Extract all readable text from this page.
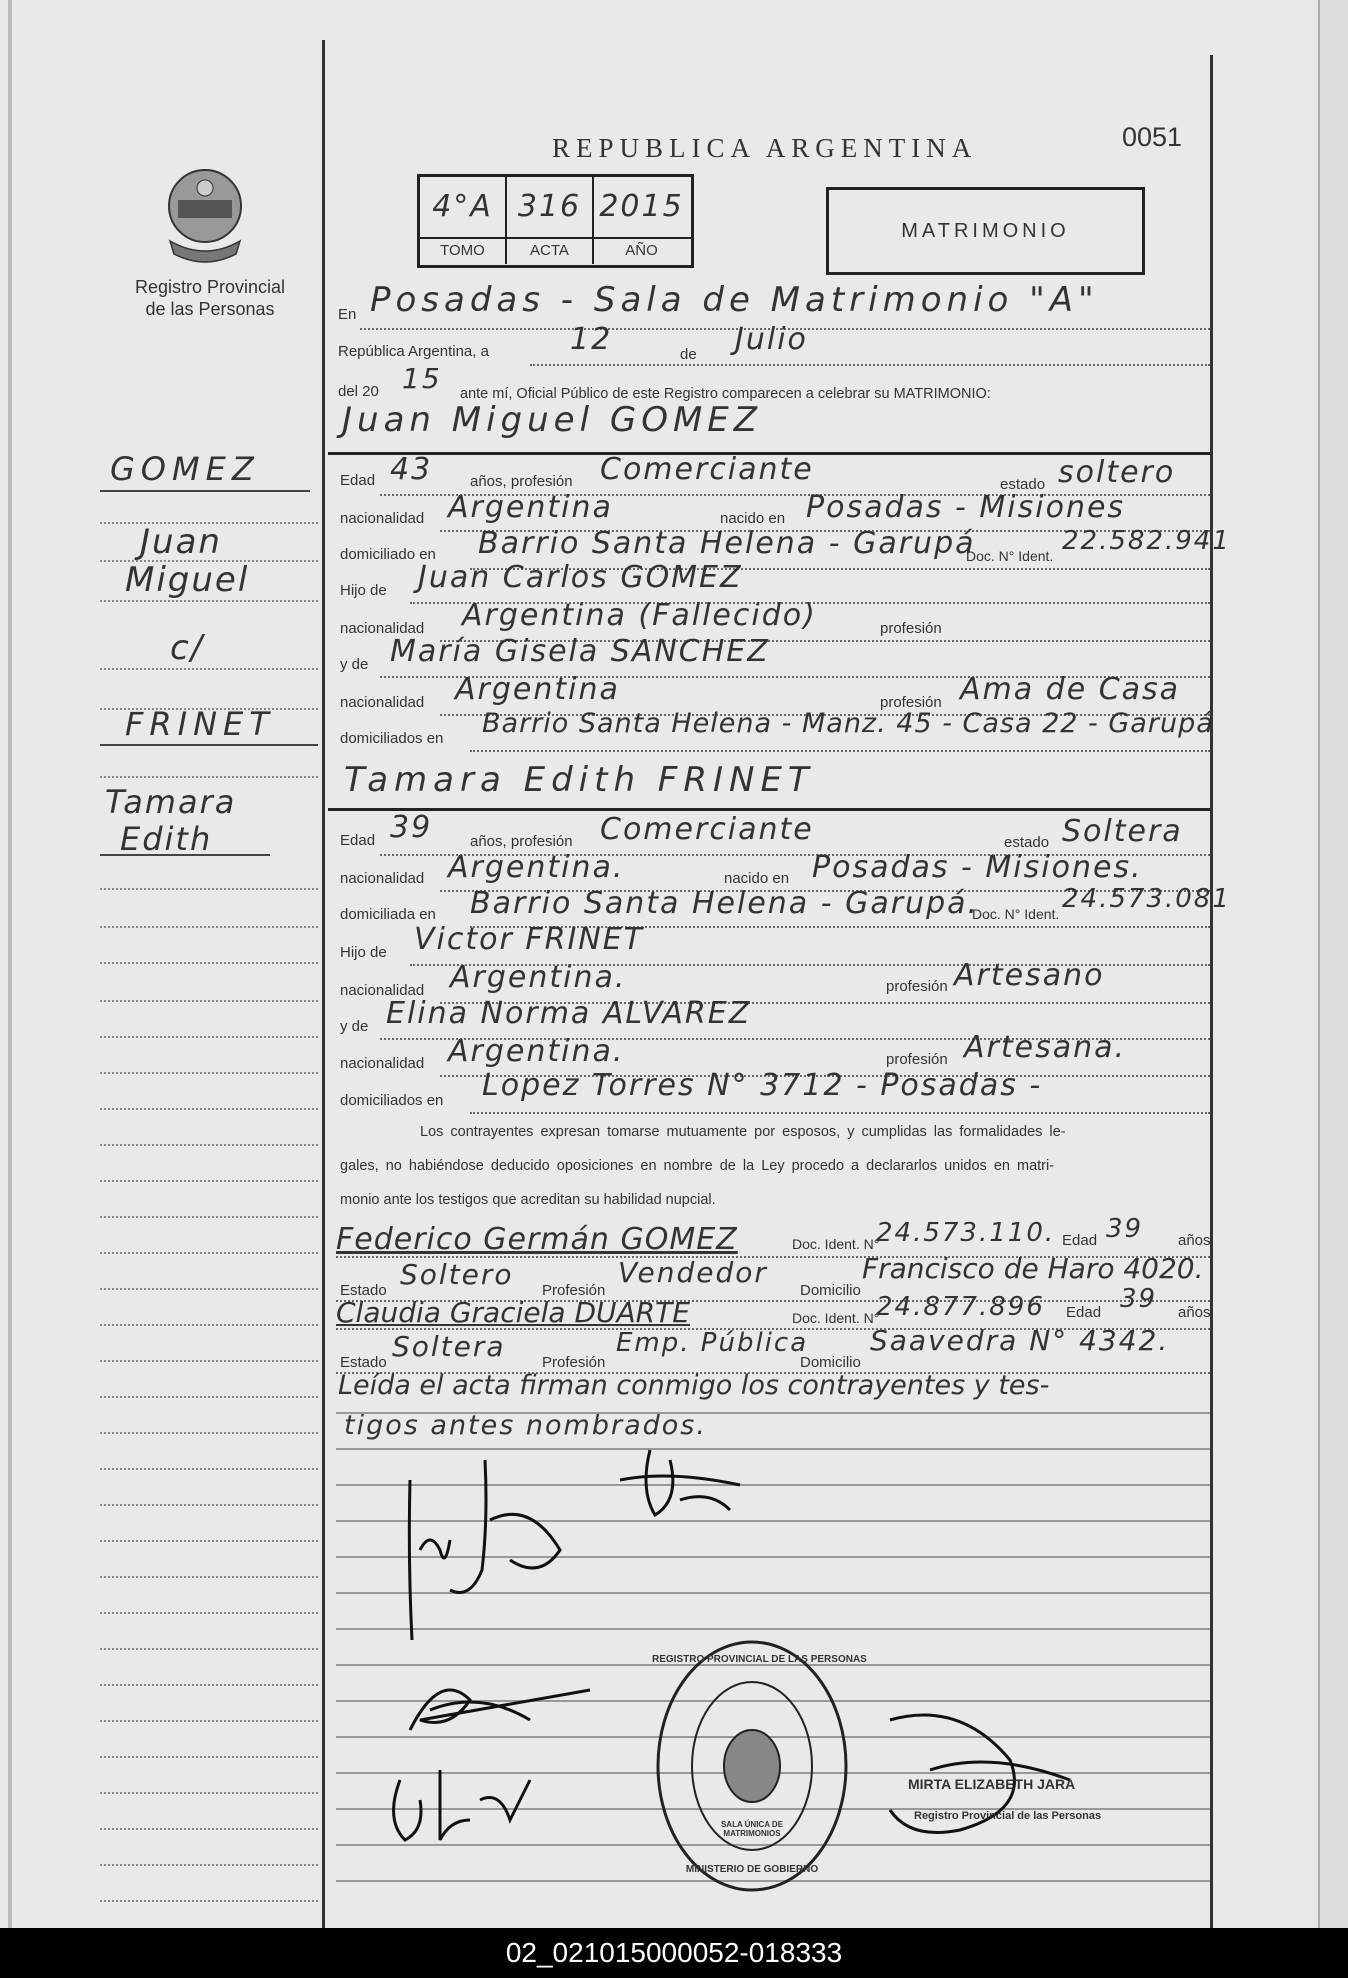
REPUBLICA ARGENTINA	0051
Registro Provincial
de las Personas
4°A 316 2015
TOMO	ACTA	AÑO
MATRIMONIO
GOMEZ
Juan
Miguel
c/
FRINET
Tamara
Edith
En Posadas - Sala de Matrimonio "A"
República Argentina, a	12	de Julio
del 20 15 ante mí, Oficial Público de este Registro comparecen a celebrar su MATRIMONIO:
Juan Miguel GOMEZ
Edad 43	años, profesión Comerciante	estado soltero
nacionalidad Argentina	nacido en Posadas - Misiones
domiciliado en Barrio Santa Helena - Garupá
Doc. N° Ident. 22.582.941
Hijo de Juan Carlos GOMEZ
nacionalidad Argentina (Fallecido)	profesión
y de María Gisela SANCHEZ
nacionalidad Argentina	profesión Ama de Casa
domiciliados en Barrio Santa Helena - Manz. 45 - Casa 22 - Garupá
Tamara Edith FRINET
Edad 39	años, profesión Comerciante	estado Soltera
nacionalidad Argentina.	nacido en Posadas - Misiones.
domiciliada en Barrio Santa Helena - Garupá.
Doc. N° Ident. 24.573.081
Hijo de Victor FRINET
nacionalidad Argentina.	profesión Artesano
y de Elina Norma ALVAREZ
nacionalidad Argentina.	profesión Artesana.
domiciliados en Lopez Torres N° 3712 - Posadas -
Los contrayentes expresan tomarse mutuamente por esposos, y cumplidas las formalidades le-
gales, no habiéndose deducido oposiciones en nombre de la Ley procedo a declararlos unidos en matri-
monio ante los testigos que acreditan su habilidad nupcial.
Federico Germán GOMEZ	Doc. Ident. N°
24.573.110. Edad 39 años
Estado Soltero Profesión
Vendedor
Domicilio
Francisco de Haro 4020.
Claudia Graciela DUARTE	Doc. Ident. N°
24.877.896 Edad 39 años
Estado Soltera Profesión
Emp. Pública
Domicilio
Saavedra N° 4342.
Leída el acta firman conmigo los contrayentes y tes-
tigos antes nombrados.
REGISTRO PROVINCIAL DE LAS PERSONAS
SALA ÚNICA DE MATRIMONIOS
MINISTERIO DE GOBIERNO
MIRTA ELIZABETH JARA
Registro Provincial de las Personas
02_021015000052-018333
